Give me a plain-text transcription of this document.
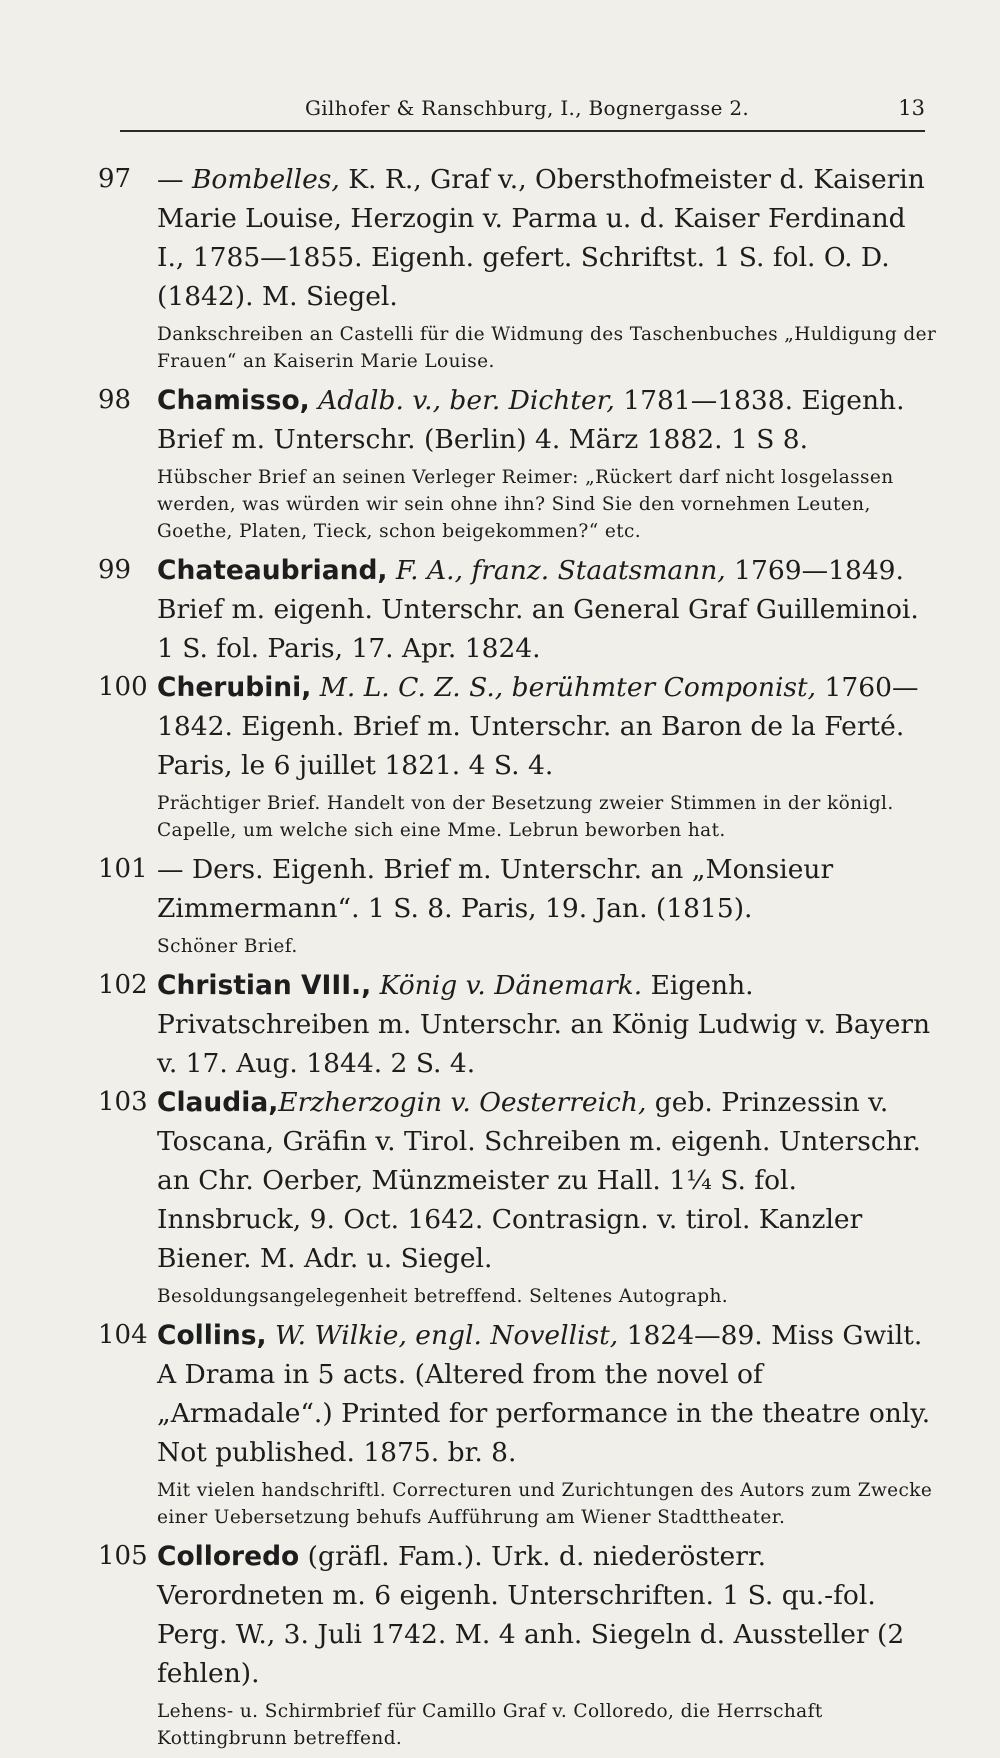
Gilhofer & Ranschburg, I., Bognergasse 2.	13
97 — Bombelles, K. R., Graf v., Obersthofmeister d. Kaiserin Marie Louise, Herzogin v. Parma u. d. Kaiser Ferdinand I., 1785—1855. Eigenh. gefert. Schriftst. 1 S. fol. O. D. (1842). M. Siegel.
Dankschreiben an Castelli für die Widmung des Taschenbuches „Huldigung der Frauen“ an Kaiserin Marie Louise.
98 Chamisso, Adalb. v., ber. Dichter, 1781—1838. Eigenh. Brief m. Unterschr. (Berlin) 4. März 1882. 1 S 8.
Hübscher Brief an seinen Verleger Reimer: „Rückert darf nicht losgelassen werden, was würden wir sein ohne ihn? Sind Sie den vornehmen Leuten, Goethe, Platen, Tieck, schon beigekommen?“ etc.
99 Chateaubriand, F. A., franz. Staatsmann, 1769—1849. Brief m. eigenh. Unterschr. an General Graf Guilleminoi. 1 S. fol. Paris, 17. Apr. 1824.
100 Cherubini, M. L. C. Z. S., berühmter Componist, 1760—1842. Eigenh. Brief m. Unterschr. an Baron de la Ferté. Paris, le 6 juillet 1821. 4 S. 4.
Prächtiger Brief. Handelt von der Besetzung zweier Stimmen in der königl. Capelle, um welche sich eine Mme. Lebrun beworben hat.
101 — Ders. Eigenh. Brief m. Unterschr. an „Monsieur Zimmermann“. 1 S. 8. Paris, 19. Jan. (1815).
Schöner Brief.
102 Christian VIII., König v. Dänemark. Eigenh. Privatschreiben m. Unterschr. an König Ludwig v. Bayern v. 17. Aug. 1844. 2 S. 4.
103 Claudia,Erzherzogin v. Oesterreich, geb. Prinzessin v. Toscana, Gräfin v. Tirol. Schreiben m. eigenh. Unterschr. an Chr. Oerber, Münzmeister zu Hall. 1¼ S. fol. Innsbruck, 9. Oct. 1642. Contrasign. v. tirol. Kanzler Biener. M. Adr. u. Siegel.
Besoldungsangelegenheit betreffend. Seltenes Autograph.
104 Collins, W. Wilkie, engl. Novellist, 1824—89. Miss Gwilt. A Drama in 5 acts. (Altered from the novel of „Armadale“.) Printed for performance in the theatre only. Not published. 1875. br. 8.
Mit vielen handschriftl. Correcturen und Zurichtungen des Autors zum Zwecke einer Uebersetzung behufs Aufführung am Wiener Stadttheater.
105 Colloredo (gräfl. Fam.). Urk. d. niederösterr. Verordneten m. 6 eigenh. Unterschriften. 1 S. qu.-fol. Perg. W., 3. Juli 1742. M. 4 anh. Siegeln d. Aussteller (2 fehlen).
Lehens- u. Schirmbrief für Camillo Graf v. Colloredo, die Herrschaft Kottingbrunn betreffend.
